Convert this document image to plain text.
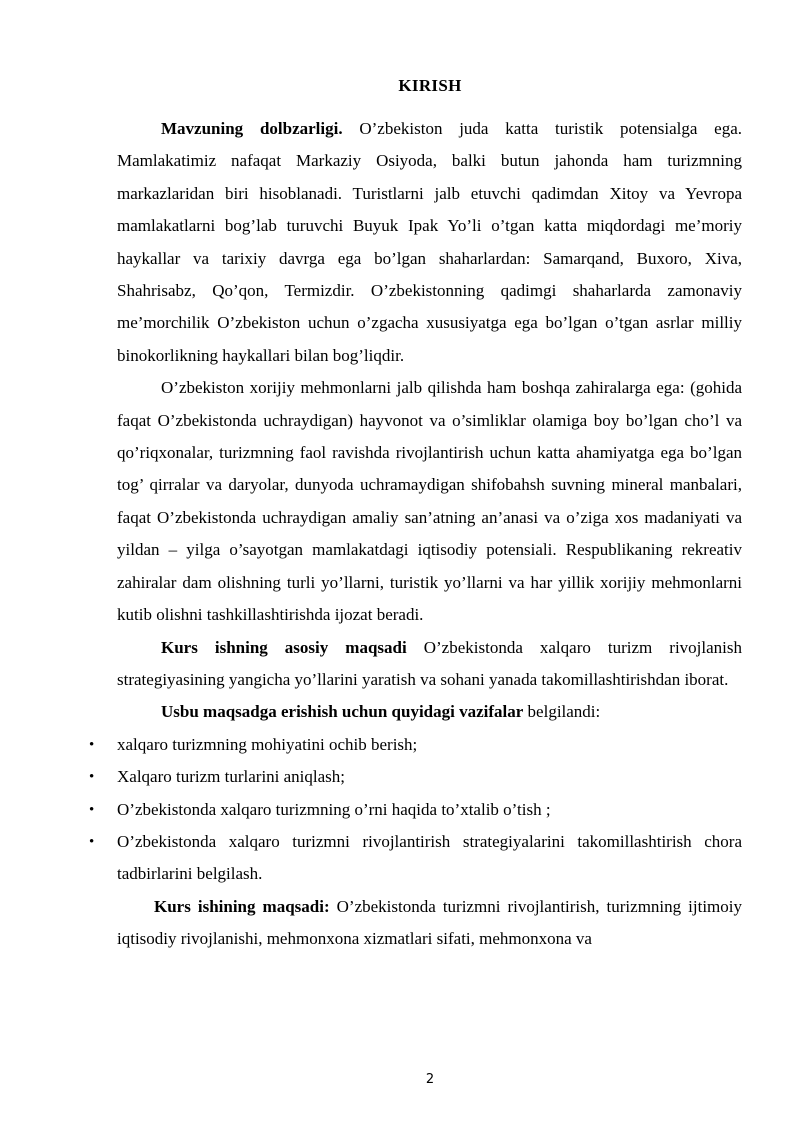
KIRISH

Mavzuning dolbzarligi. O’zbekiston juda katta turistik potensialga ega. Mamlakatimiz nafaqat Markaziy Osiyoda, balki butun jahonda ham turizmning markazlaridan biri hisoblanadi. Turistlarni jalb etuvchi qadimdan Xitoy va Yevropa mamlakatlarni bog’lab turuvchi Buyuk Ipak Yo’li o’tgan katta miqdordagi me’moriy haykallar va tarixiy davrga ega bo’lgan shaharlardan: Samarqand, Buxoro, Xiva, Shahrisabz, Qo’qon, Termizdir. O’zbekistonning qadimgi shaharlarda zamonaviy me’morchilik O’zbekiston uchun o’zgacha xususiyatga ega bo’lgan o’tgan asrlar milliy binokorlikning haykallari bilan bog’liqdir.

O’zbekiston xorijiy mehmonlarni jalb qilishda ham boshqa zahiralarga ega: (gohida faqat O’zbekistonda uchraydigan) hayvonot va o’simliklar olamiga boy bo’lgan cho’l va qo’riqxonalar, turizmning faol ravishda rivojlantirish uchun katta ahamiyatga ega bo’lgan tog’ qirralar va daryolar, dunyoda uchramaydigan shifobahsh suvning mineral manbalari, faqat O’zbekistonda uchraydigan amaliy san’atning an’anasi va o’ziga xos madaniyati va yildan – yilga o’sayotgan mamlakatdagi iqtisodiy potensiali. Respublikaning rekreativ zahiralar dam olishning turli yo’llarni, turistik yo’llarni va har yillik xorijiy mehmonlarni kutib olishni tashkillashtirishda ijozat beradi.

Kurs ishning asosiy maqsadi O’zbekistonda xalqaro turizm rivojlanish strategiyasining yangicha yo’llarini yaratish va sohani yanada takomillashtirishdan iborat.

Usbu maqsadga erishish uchun quyidagi vazifalar belgilandi:

• xalqaro turizmning mohiyatini ochib berish;
• Xalqaro turizm turlarini aniqlash;
• O’zbekistonda xalqaro turizmning o’rni haqida to’xtalib o’tish ;
• O’zbekistonda xalqaro turizmni rivojlantirish strategiyalarini takomillashtirish chora tadbirlarini belgilash.

Kurs ishining maqsadi: O’zbekistonda turizmni rivojlantirish, turizmning ijtimoiy iqtisodiy rivojlanishi, mehmonxona xizmatlari sifati, mehmonxona va

2
